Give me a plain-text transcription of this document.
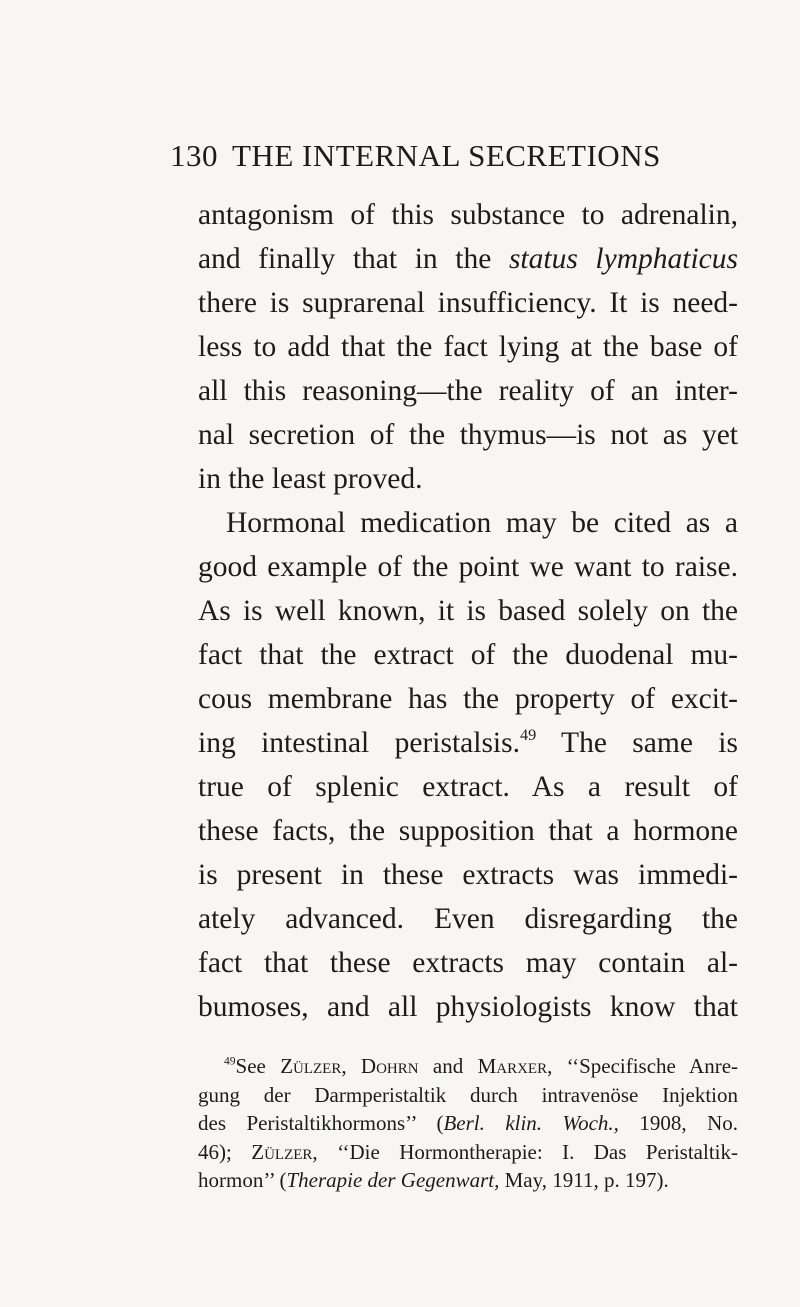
130 THE INTERNAL SECRETIONS
antagonism of this substance to adrenalin,
and finally that in the status lymphaticus
there is suprarenal insufficiency. It is need-
less to add that the fact lying at the base of
all this reasoning—the reality of an inter-
nal secretion of the thymus—is not as yet
in the least proved.
Hormonal medication may be cited as a
good example of the point we want to raise.
As is well known, it is based solely on the
fact that the extract of the duodenal mu-
cous membrane has the property of excit-
ing intestinal peristalsis.$^{49}$ The same is
true of splenic extract. As a result of
these facts, the supposition that a hormone
is present in these extracts was immedi-
ately advanced. Even disregarding the
fact that these extracts may contain al-
bumoses, and all physiologists know that
$^{49}$See Zülzer, Dohrn and Marxer, ‘‘Specifische Anre-
gung der Darmperistaltik durch intravenöse Injektion
des Peristaltikhormons’’ (Berl. klin. Woch., 1908, No.
46); Zülzer, ‘‘Die Hormontherapie: I. Das Peristaltik-
hormon’’ (Therapie der Gegenwart, May, 1911, p. 197).
